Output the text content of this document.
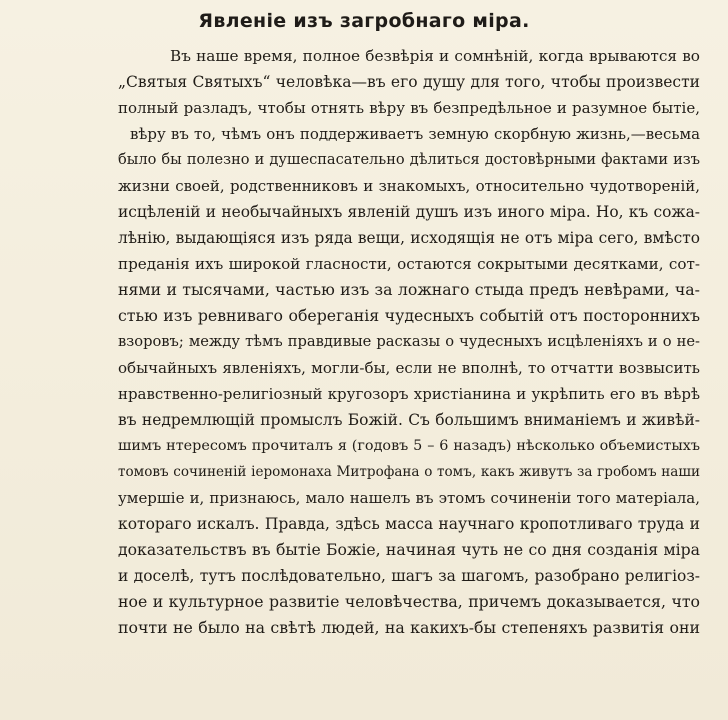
Явленіе изъ загробнаго міра.
Въ наше время, полное безвѣрія и сомнѣній, когда врываются во
„Святыя Святыхъ“ человѣка—въ его душу для того, чтобы произвести
полный разладъ, чтобы отнять вѣру въ безпредѣльное и разумное бытіе,
вѣру въ то, чѣмъ онъ поддерживаетъ земную скорбную жизнь,—весьма
было бы полезно и душеспасательно дѣлиться достовѣрными фактами изъ
жизни своей, родственниковъ и знакомыхъ, относительно чудотвореній,
исцѣленій и необычайныхъ явленій душъ изъ иного міра. Но, къ сожа-
лѣнію, выдающіяся изъ ряда вещи, исходящія не отъ міра сего, вмѣсто
преданія ихъ широкой гласности, остаются сокрытыми десятками, сот-
нями и тысячами, частью изъ за ложнаго стыда предъ невѣрами, ча-
стью изъ ревниваго обереганія чудесныхъ событій отъ постороннихъ
взоровъ; между тѣмъ правдивые расказы о чудесныхъ исцѣленіяхъ и о не-
обычайныхъ явленіяхъ, могли-бы, если не вполнѣ, то отчатти возвысить
нравственно-религіозный кругозоръ христіанина и укрѣпить его въ вѣрѣ
въ недремлющій промыслъ Божій. Съ большимъ вниманіемъ и живѣй-
шимъ нтересомъ прочиталъ я (годовъ 5 – 6 назадъ) нѣсколько объемистыхъ
томовъ сочиненій іеромонаха Митрофана о томъ, какъ живутъ за гробомъ наши
умершіе и, признаюсь, мало нашелъ въ этомъ сочиненіи того матеріала,
котораго искалъ. Правда, здѣсь масса научнаго кропотливаго труда и
доказательствъ въ бытіе Божіе, начиная чуть не со дня созданія міра
и доселѣ, тутъ послѣдовательно, шагъ за шагомъ, разобрано религіоз-
ное и культурное развитіе человѣчества, причемъ доказывается, что
почти не было на свѣтѣ людей, на какихъ-бы степеняхъ развитія они
